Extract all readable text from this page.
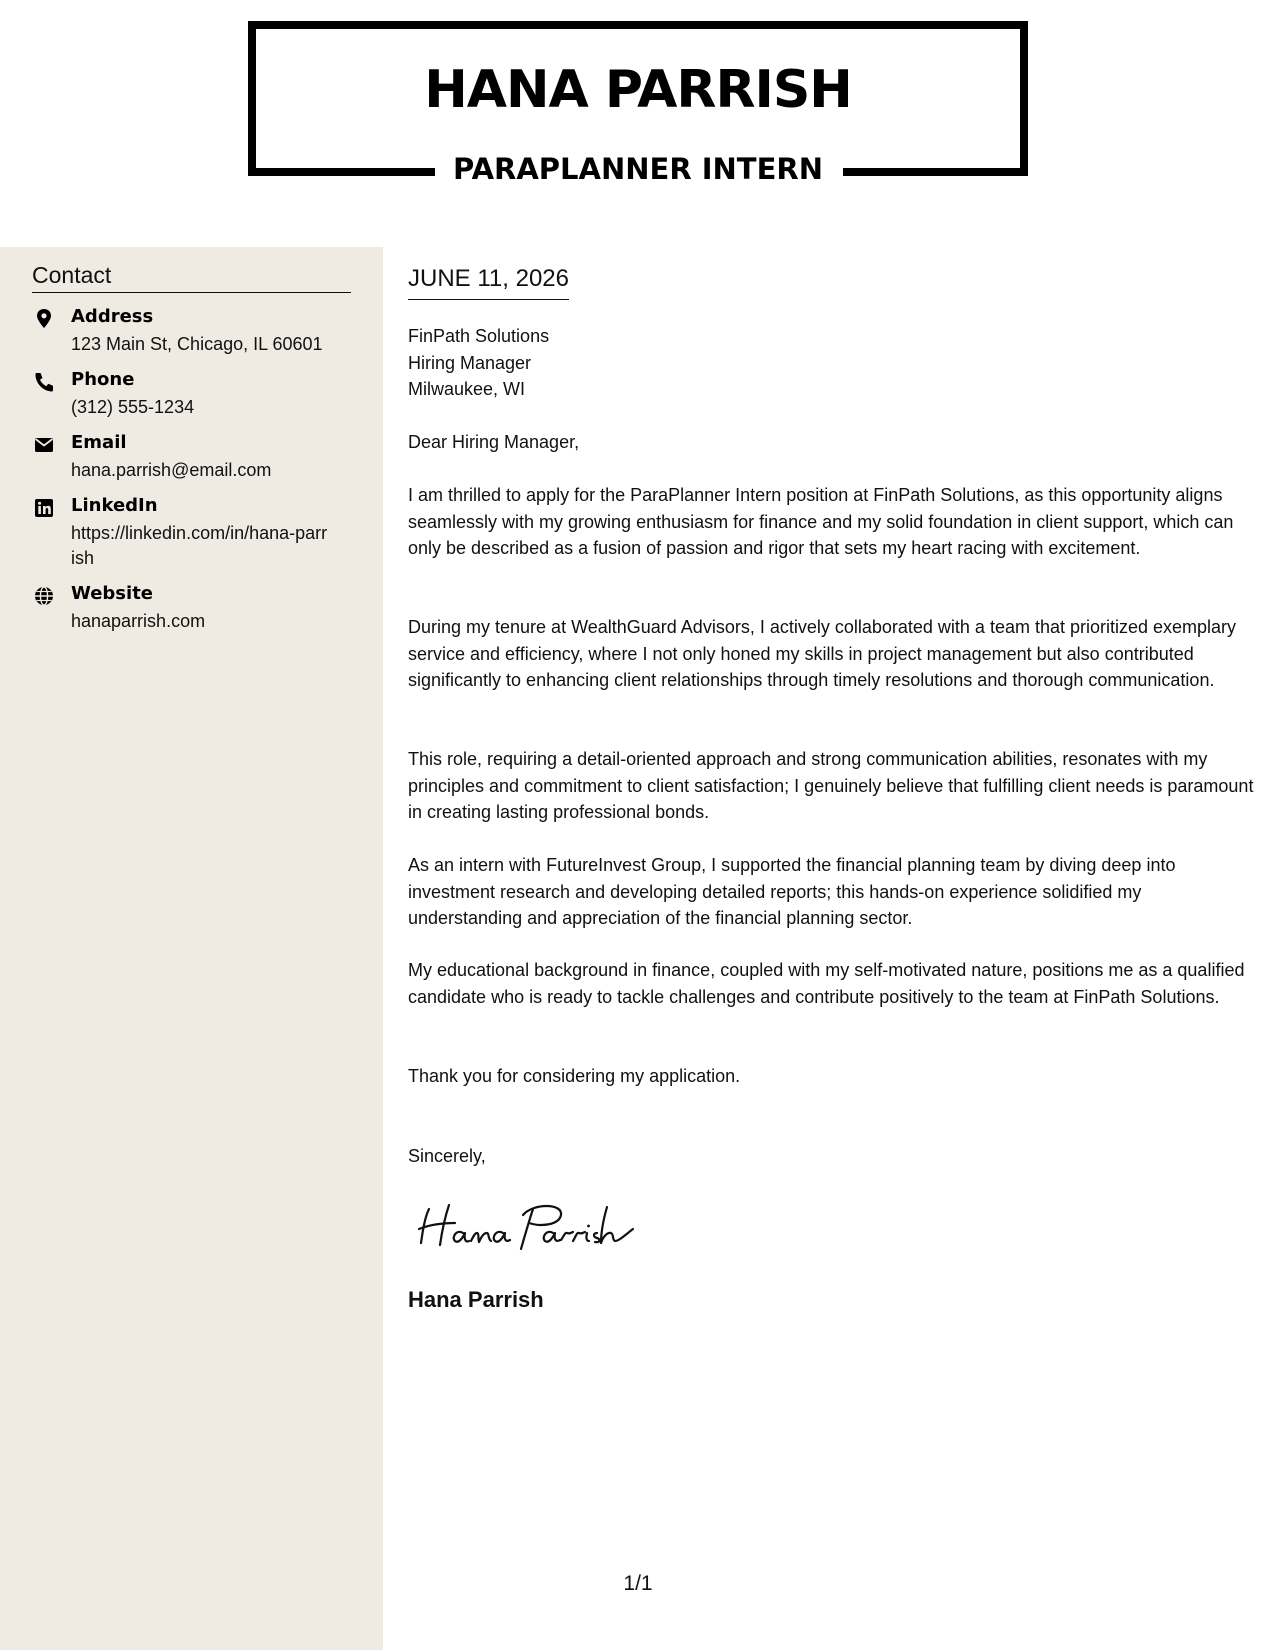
HANA PARRISH
PARAPLANNER INTERN
Contact
Address
123 Main St, Chicago, IL 60601
Phone
(312) 555-1234
Email
hana.parrish@email.com
LinkedIn
https://linkedin.com/in/hana-parrish
Website
hanaparrish.com
JUNE 11, 2026
FinPath Solutions
Hiring Manager
Milwaukee, WI
Dear Hiring Manager,
I am thrilled to apply for the ParaPlanner Intern position at FinPath Solutions, as this opportunity aligns seamlessly with my growing enthusiasm for finance and my solid foundation in client support, which can only be described as a fusion of passion and rigor that sets my heart racing with excitement.
During my tenure at WealthGuard Advisors, I actively collaborated with a team that prioritized exemplary service and efficiency, where I not only honed my skills in project management but also contributed significantly to enhancing client relationships through timely resolutions and thorough communication.
This role, requiring a detail-oriented approach and strong communication abilities, resonates with my principles and commitment to client satisfaction; I genuinely believe that fulfilling client needs is paramount in creating lasting professional bonds.
As an intern with FutureInvest Group, I supported the financial planning team by diving deep into investment research and developing detailed reports; this hands-on experience solidified my understanding and appreciation of the financial planning sector.
My educational background in finance, coupled with my self-motivated nature, positions me as a qualified candidate who is ready to tackle challenges and contribute positively to the team at FinPath Solutions.
Thank you for considering my application.
Sincerely,
Hana Parrish
1/1
